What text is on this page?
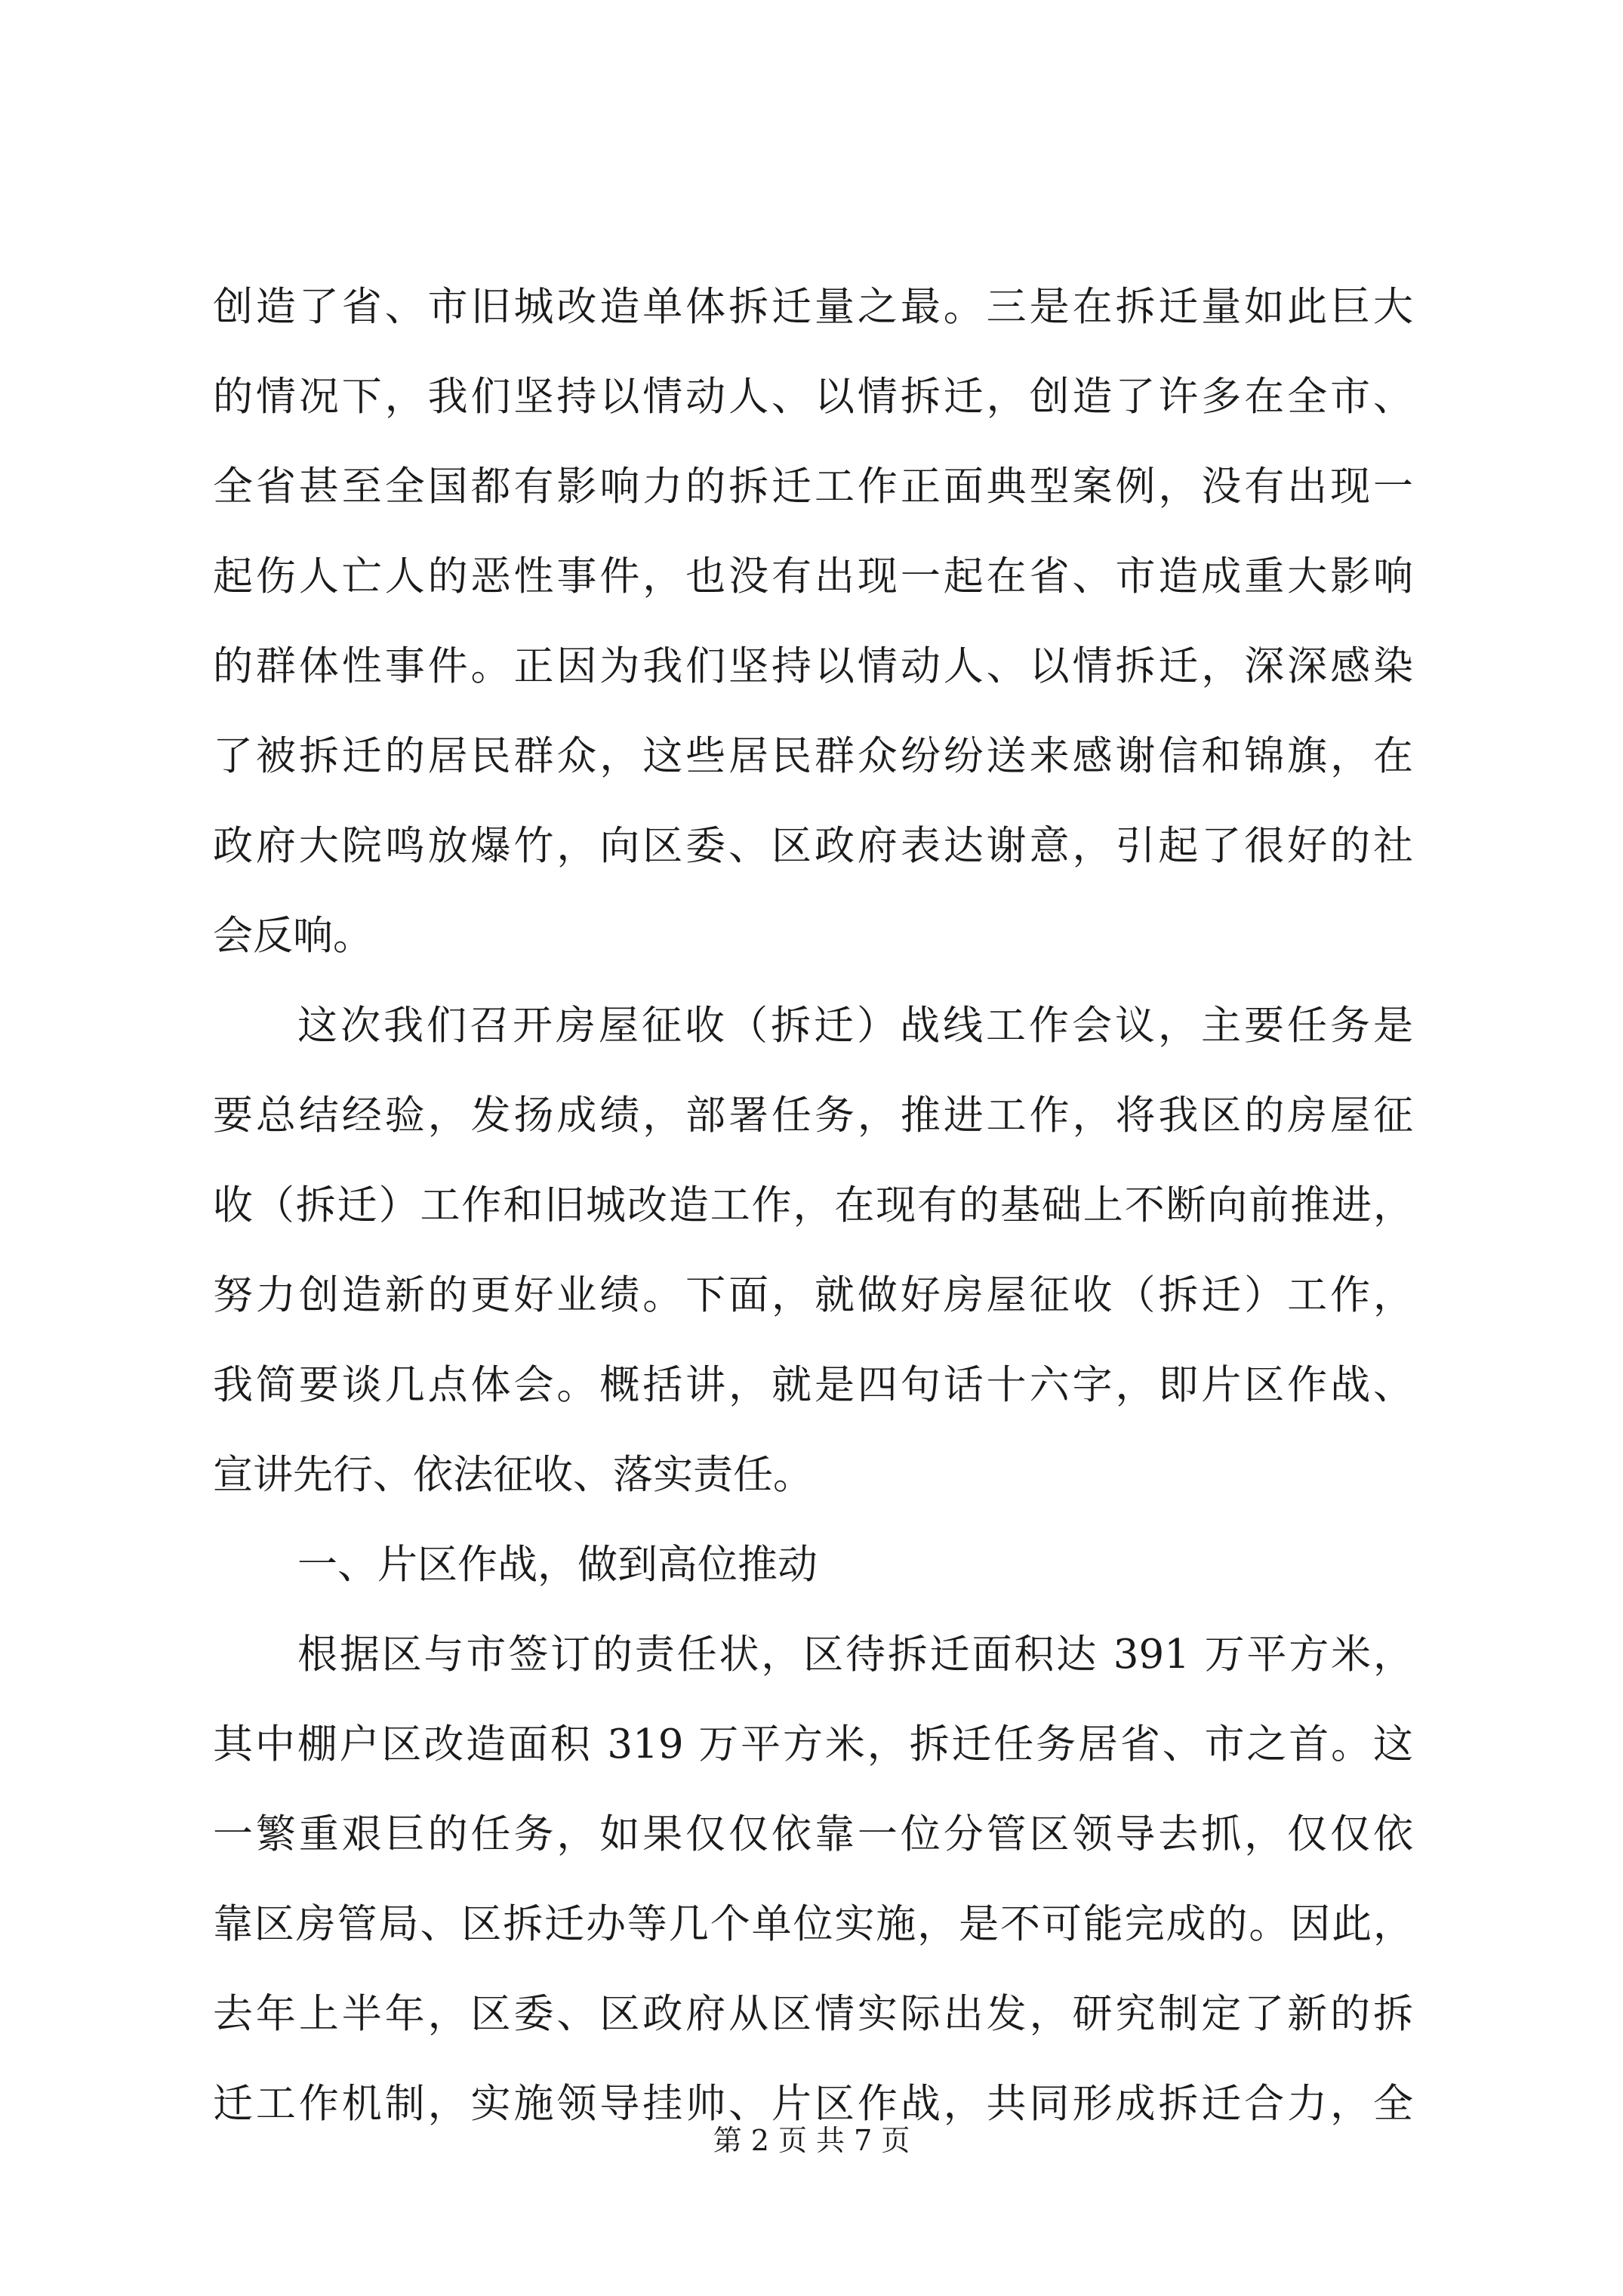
创造了省、市旧城改造单体拆迁量之最。三是在拆迁量如此巨大
的情况下，我们坚持以情动人、以情拆迁，创造了许多在全市、
全省甚至全国都有影响力的拆迁工作正面典型案例，没有出现一
起伤人亡人的恶性事件，也没有出现一起在省、市造成重大影响
的群体性事件。正因为我们坚持以情动人、以情拆迁，深深感染
了被拆迁的居民群众，这些居民群众纷纷送来感谢信和锦旗，在
政府大院鸣放爆竹，向区委、区政府表达谢意，引起了很好的社
会反响。
这次我们召开房屋征收（拆迁）战线工作会议，主要任务是
要总结经验，发扬成绩，部署任务，推进工作，将我区的房屋征
收（拆迁）工作和旧城改造工作，在现有的基础上不断向前推进，
努力创造新的更好业绩。下面，就做好房屋征收（拆迁）工作，
我简要谈几点体会。概括讲，就是四句话十六字，即片区作战、
宣讲先行、依法征收、落实责任。
一、片区作战，做到高位推动
根据区与市签订的责任状，区待拆迁面积达 391 万平方米，
其中棚户区改造面积 319 万平方米，拆迁任务居省、市之首。这
一繁重艰巨的任务，如果仅仅依靠一位分管区领导去抓，仅仅依
靠区房管局、区拆迁办等几个单位实施，是不可能完成的。因此，
去年上半年，区委、区政府从区情实际出发，研究制定了新的拆
迁工作机制，实施领导挂帅、片区作战，共同形成拆迁合力，全
第 2 页 共 7 页
